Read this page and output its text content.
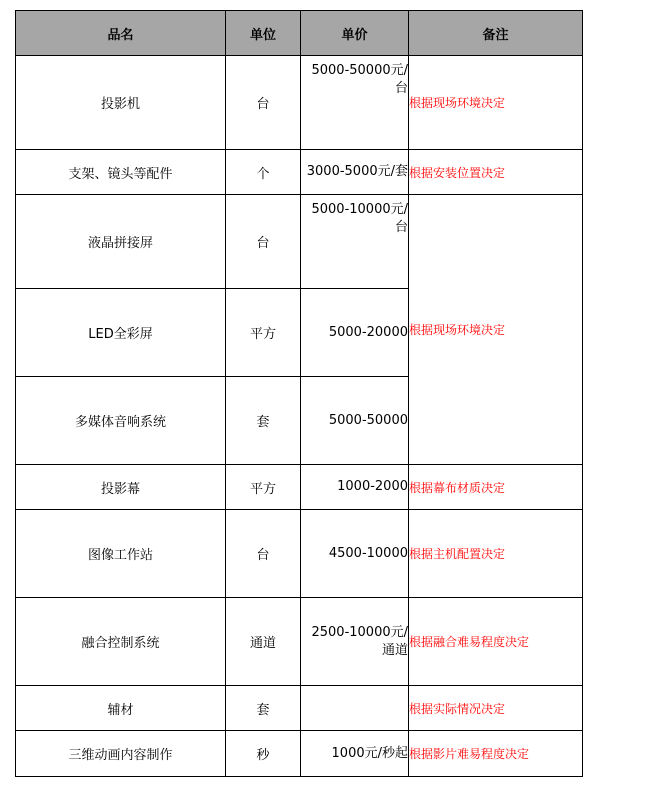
品名	单位	单价	备注
投影机	台	5000-50000元/台	根据现场环境决定
支架、镜头等配件	个	3000-5000元/套	根据安装位置决定
液晶拼接屏	台	5000-10000元/台	根据现场环境决定
LED全彩屏	平方	5000-20000	
多媒体音响系统	套	5000-50000	
投影幕	平方	1000-2000	根据幕布材质决定
图像工作站	台	4500-10000	根据主机配置决定
融合控制系统	通道	2500-10000元/通道	根据融合难易程度决定
辅材	套		根据实际情况决定
三维动画内容制作	秒	1000元/秒起	根据影片难易程度决定
